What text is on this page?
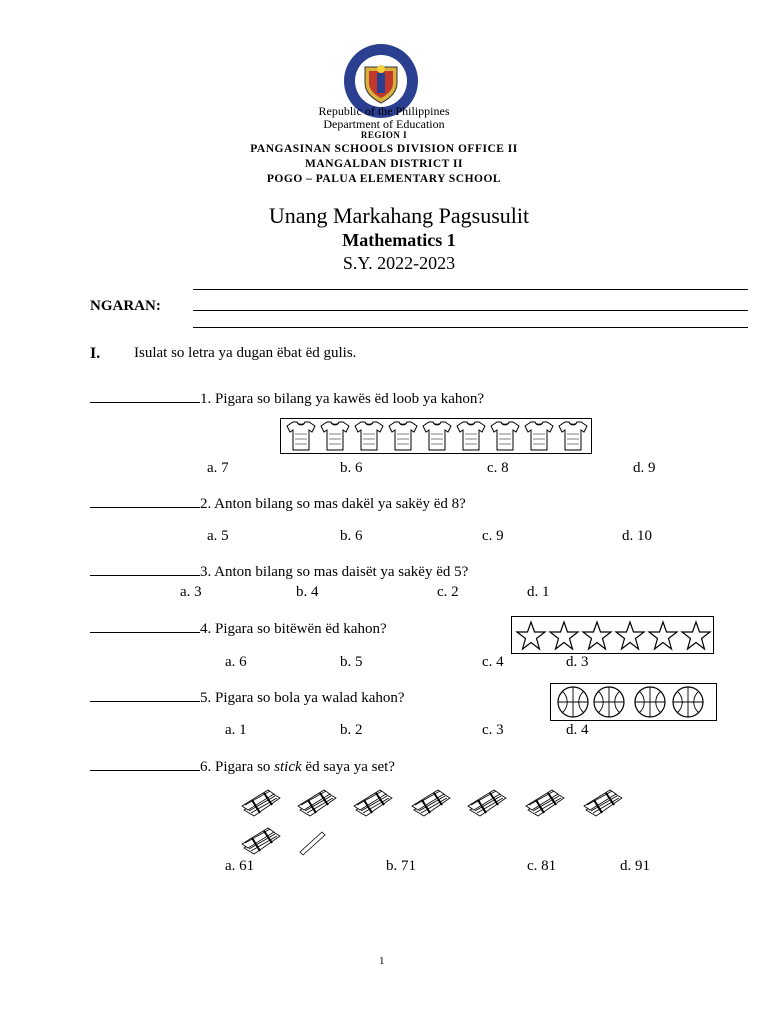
Republic of the Philippines
Department of Education
REGION I
PANGASINAN SCHOOLS DIVISION OFFICE II
MANGALDAN DISTRICT II
POGO – PALUA ELEMENTARY SCHOOL
Unang Markahang Pagsusulit
Mathematics 1
S.Y. 2022-2023
NGARAN:
I. Isulat so letra ya dugan ëbat ëd gulis.
1. Pigara so bilang ya kawës ëd loob ya kahon?
a. 7	b. 6	c. 8	d. 9
2. Anton bilang so mas dakël ya sakëy ëd 8?
a. 5	b. 6	c. 9	d. 10
3. Anton bilang so mas daisët ya sakëy ëd 5?
a. 3	b. 4	c. 2	d. 1
4. Pigara so bitëwën ëd kahon?
a. 6	b. 5	c. 4	d. 3
5. Pigara so bola ya walad kahon?
a. 1	b. 2	c. 3	d. 4
6. Pigara so stick ëd saya ya set?
a. 61	b. 71	c. 81	d. 91
1
